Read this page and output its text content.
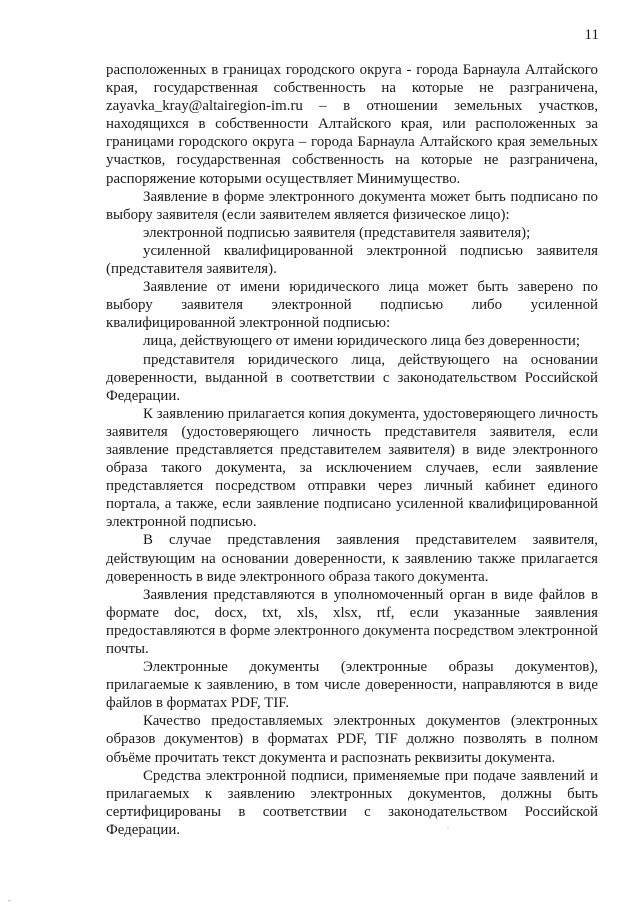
11

расположенных в границах городского округа - города Барнаула Алтайского края, государственная собственность на которые не разграничена, zayavka_kray@altairegion-im.ru – в отношении земельных участков, находящихся в собственности Алтайского края, или расположенных за границами городского округа – города Барнаула Алтайского края земельных участков, государственная собственность на которые не разграничена, распоряжение которыми осуществляет Минимущество.

Заявление в форме электронного документа может быть подписано по выбору заявителя (если заявителем является физическое лицо):

электронной подписью заявителя (представителя заявителя);

усиленной квалифицированной электронной подписью заявителя (представителя заявителя).

Заявление от имени юридического лица может быть заверено по выбору заявителя электронной подписью либо усиленной квалифицированной электронной подписью:

лица, действующего от имени юридического лица без доверенности;

представителя юридического лица, действующего на основании доверенности, выданной в соответствии с законодательством Российской Федерации.

К заявлению прилагается копия документа, удостоверяющего личность заявителя (удостоверяющего личность представителя заявителя, если заявление представляется представителем заявителя) в виде электронного образа такого документа, за исключением случаев, если заявление представляется посредством отправки через личный кабинет единого портала, а также, если заявление подписано усиленной квалифицированной электронной подписью.

В случае представления заявления представителем заявителя, действующим на основании доверенности, к заявлению также прилагается доверенность в виде электронного образа такого документа.

Заявления представляются в уполномоченный орган в виде файлов в формате doc, docx, txt, xls, xlsx, rtf, если указанные заявления предоставляются в форме электронного документа посредством электронной почты.

Электронные документы (электронные образы документов), прилагаемые к заявлению, в том числе доверенности, направляются в виде файлов в форматах PDF, TIF.

Качество предоставляемых электронных документов (электронных образов документов) в форматах PDF, TIF должно позволять в полном объёме прочитать текст документа и распознать реквизиты документа.

Средства электронной подписи, применяемые при подаче заявлений и прилагаемых к заявлению электронных документов, должны быть сертифицированы в соответствии с законодательством Российской Федерации.	.
-
